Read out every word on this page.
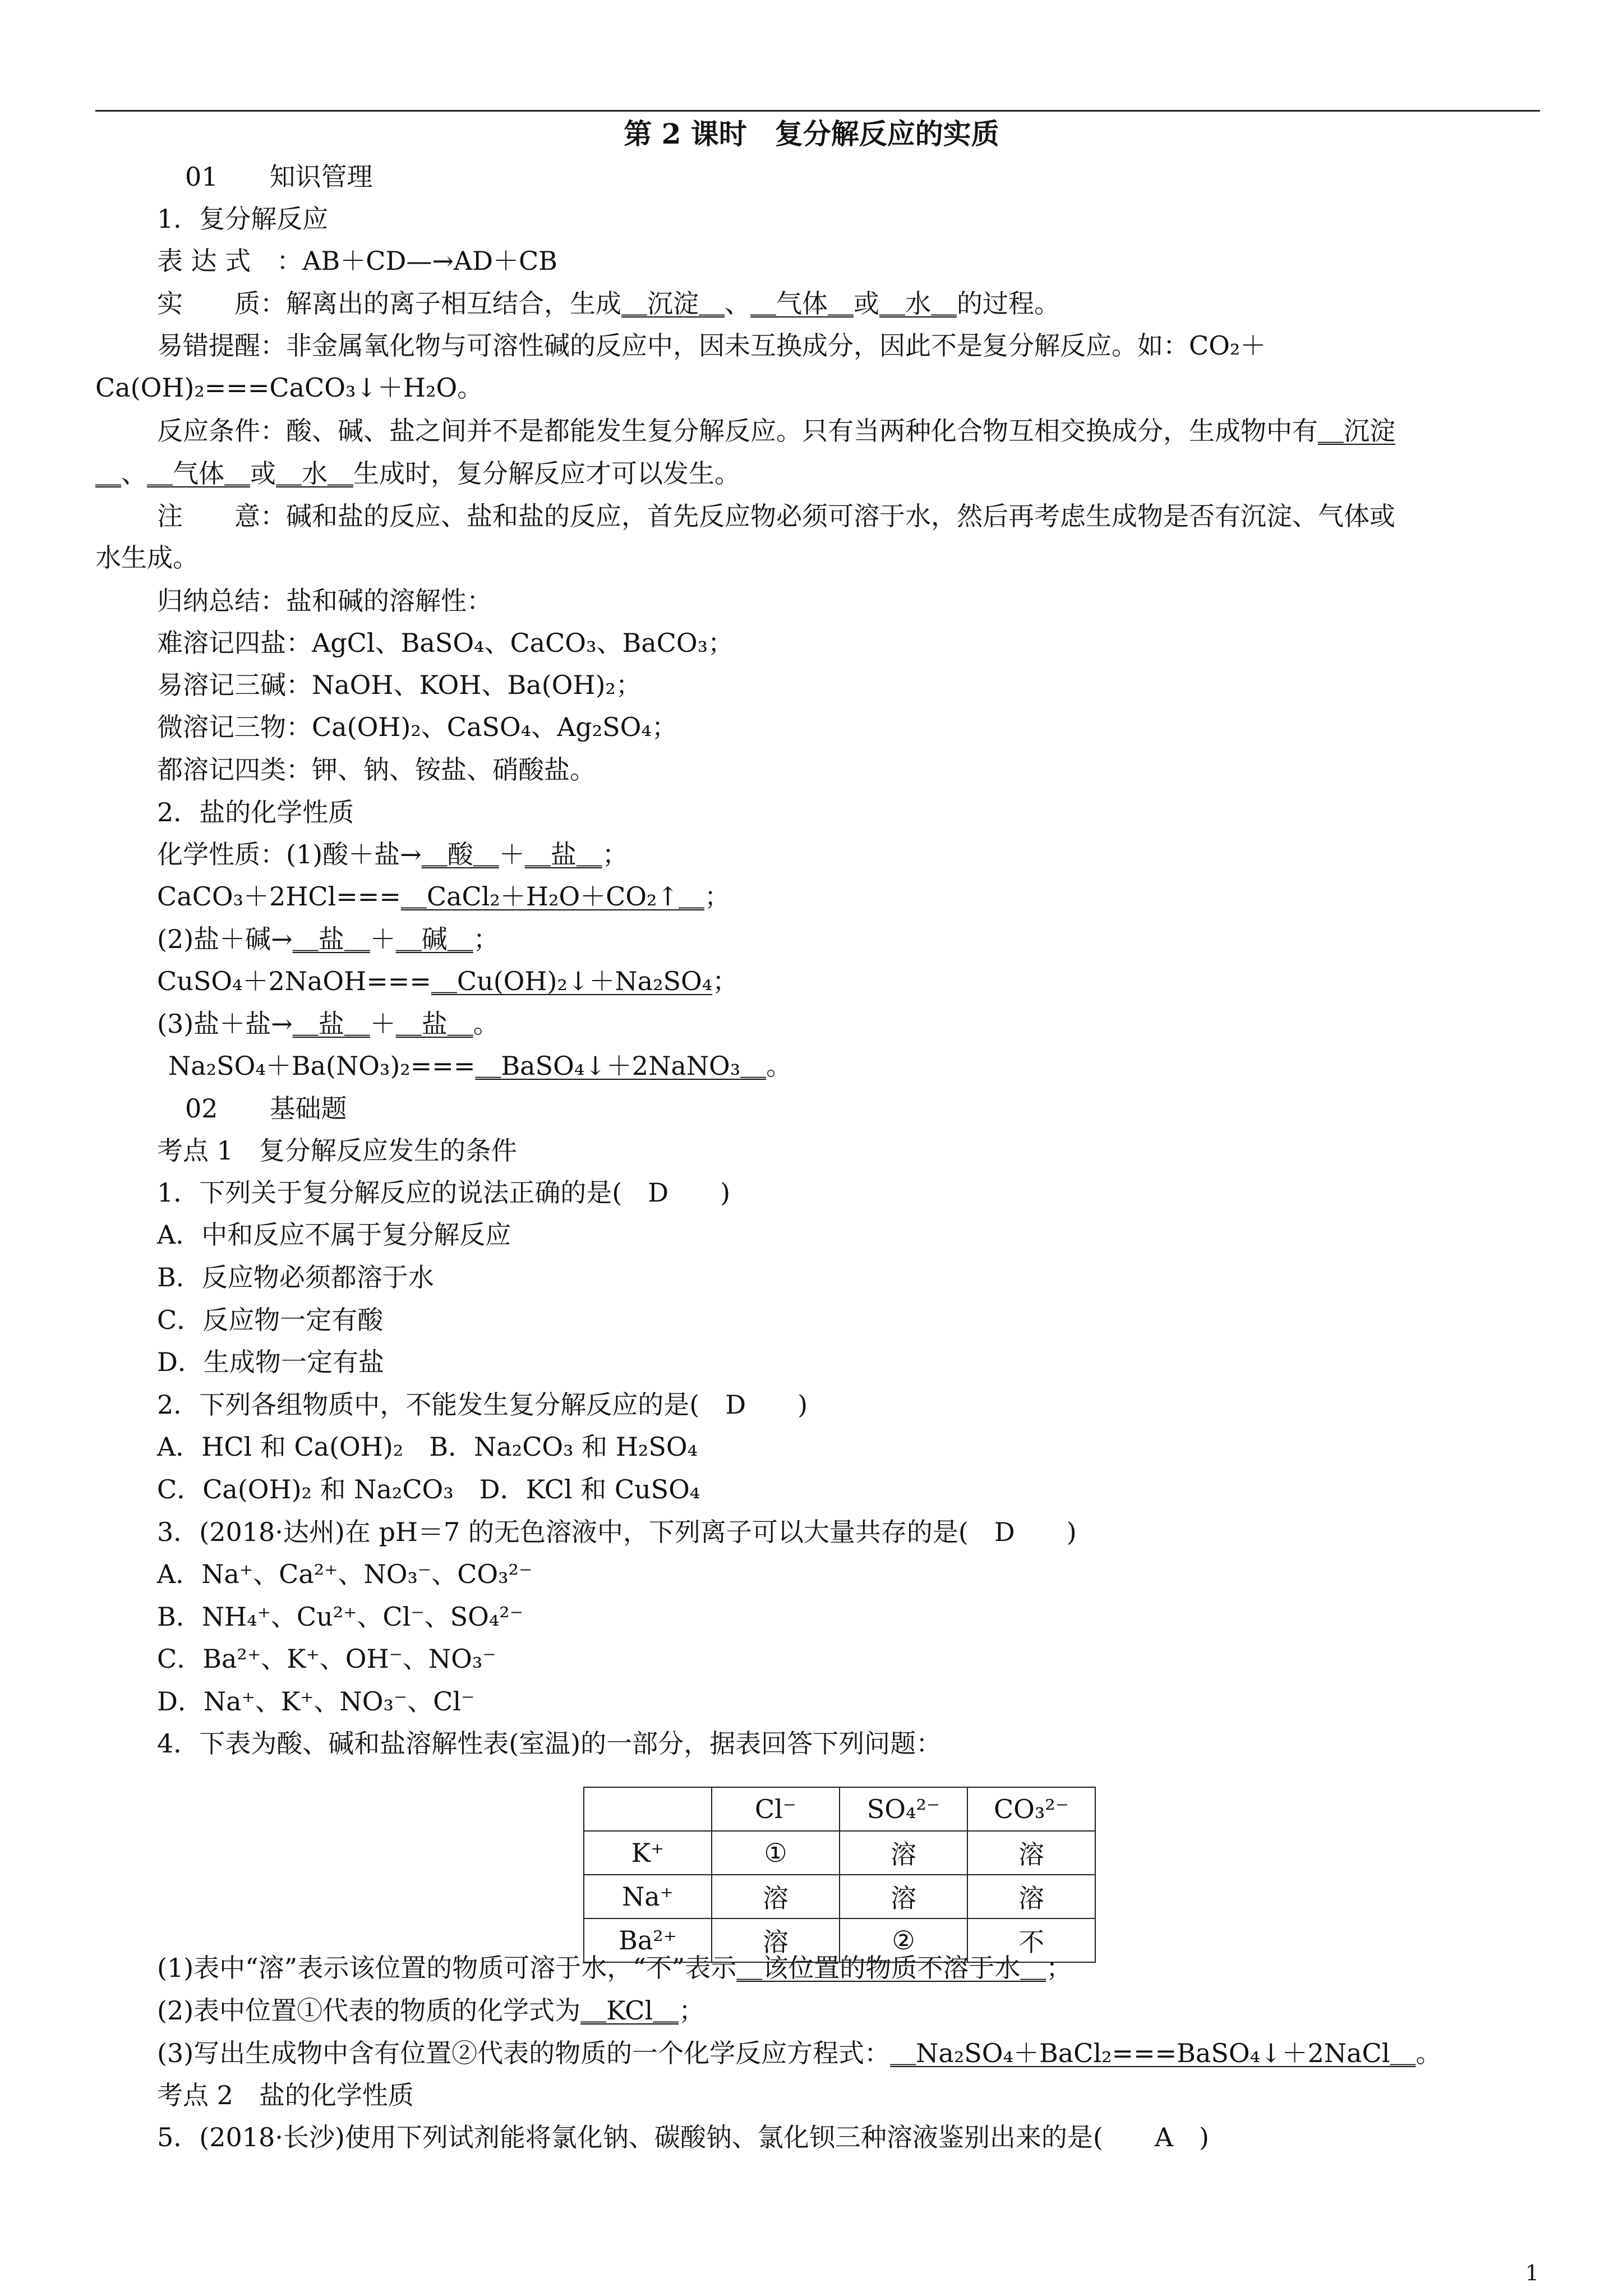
第 2 课时　复分解反应的实质
01　　知识管理
1．复分解反应
表 达 式　：AB＋CD—→AD＋CB
实　　质：解离出的离子相互结合，生成＿沉淀＿、＿气体＿或＿水＿的过程。
易错提醒：非金属氧化物与可溶性碱的反应中，因未互换成分，因此不是复分解反应。如：CO₂＋
Ca(OH)₂===CaCO₃↓＋H₂O。
反应条件：酸、碱、盐之间并不是都能发生复分解反应。只有当两种化合物互相交换成分，生成物中有＿沉淀
＿、＿气体＿或＿水＿生成时，复分解反应才可以发生。
注　　意：碱和盐的反应、盐和盐的反应，首先反应物必须可溶于水，然后再考虑生成物是否有沉淀、气体或
水生成。
归纳总结：盐和碱的溶解性：
难溶记四盐：AgCl、BaSO₄、CaCO₃、BaCO₃；
易溶记三碱：NaOH、KOH、Ba(OH)₂；
微溶记三物：Ca(OH)₂、CaSO₄、Ag₂SO₄；
都溶记四类：钾、钠、铵盐、硝酸盐。
2．盐的化学性质
化学性质：(1)酸＋盐→＿酸＿＋＿盐＿；
CaCO₃＋2HCl===＿CaCl₂＋H₂O＋CO₂↑＿；
(2)盐＋碱→＿盐＿＋＿碱＿；
CuSO₄＋2NaOH===＿Cu(OH)₂↓＋Na₂SO₄；
(3)盐＋盐→＿盐＿＋＿盐＿。
Na₂SO₄＋Ba(NO₃)₂===＿BaSO₄↓＋2NaNO₃＿。
02　　基础题
考点 1　复分解反应发生的条件
1．下列关于复分解反应的说法正确的是(　D　　)
A．中和反应不属于复分解反应
B．反应物必须都溶于水
C．反应物一定有酸
D．生成物一定有盐
2．下列各组物质中，不能发生复分解反应的是(　D　　)
A．HCl 和 Ca(OH)₂　B．Na₂CO₃ 和 H₂SO₄
C．Ca(OH)₂ 和 Na₂CO₃　D．KCl 和 CuSO₄
3．(2018·达州)在 pH＝7 的无色溶液中，下列离子可以大量共存的是(　D　　)
A．Na⁺、Ca²⁺、NO₃⁻、CO₃²⁻
B．NH₄⁺、Cu²⁺、Cl⁻、SO₄²⁻
C．Ba²⁺、K⁺、OH⁻、NO₃⁻
D．Na⁺、K⁺、NO₃⁻、Cl⁻
4．下表为酸、碱和盐溶解性表(室温)的一部分，据表回答下列问题：
(1)表中“溶”表示该位置的物质可溶于水，“不”表示＿该位置的物质不溶于水＿；
(2)表中位置①代表的物质的化学式为＿KCl＿；
(3)写出生成物中含有位置②代表的物质的一个化学反应方程式：＿Na₂SO₄＋BaCl₂===BaSO₄↓＋2NaCl＿。
考点 2　盐的化学性质
5．(2018·长沙)使用下列试剂能将氯化钠、碳酸钠、氯化钡三种溶液鉴别出来的是(　　A　)
	Cl⁻	SO₄²⁻	CO₃²⁻
K⁺	①	溶	溶
Na⁺	溶	溶	溶
Ba²⁺	溶	②	不
1
